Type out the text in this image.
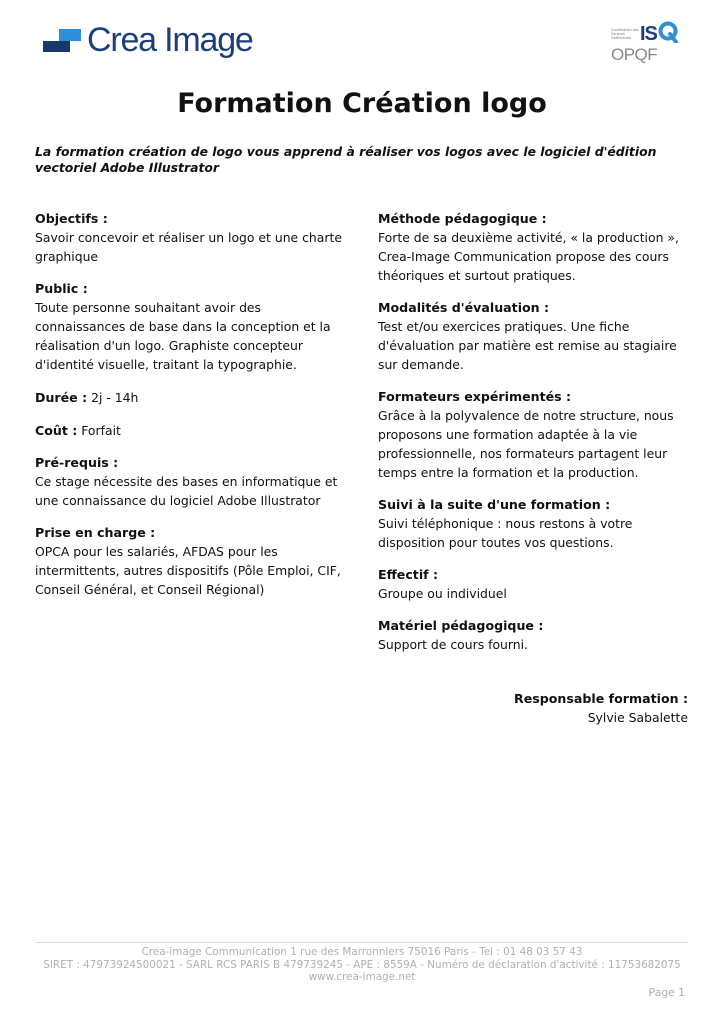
Crea Image	Qualification des Services Intellectuels IS
OPQF
Formation Création logo
La formation création de logo vous apprend à réaliser vos logos avec le logiciel d'édition vectoriel Adobe Illustrator
Objectifs :
Savoir concevoir et réaliser un logo et une charte graphique
Public :
Toute personne souhaitant avoir des connaissances de base dans la conception et la réalisation d'un logo. Graphiste concepteur d'identité visuelle, traitant la typographie.
Durée : 2j - 14h
Coût : Forfait
Pré-requis :
Ce stage nécessite des bases en informatique et une connaissance du logiciel Adobe Illustrator
Prise en charge :
OPCA pour les salariés, AFDAS pour les intermittents, autres dispositifs (Pôle Emploi, CIF, Conseil Général, et Conseil Régional)
Méthode pédagogique :
Forte de sa deuxième activité, « la production », Crea-Image Communication propose des cours théoriques et surtout pratiques.
Modalités d'évaluation :
Test et/ou exercices pratiques. Une fiche d'évaluation par matière est remise au stagiaire sur demande.
Formateurs expérimentés :
Grâce à la polyvalence de notre structure, nous proposons une formation adaptée à la vie professionnelle, nos formateurs partagent leur temps entre la formation et la production.
Suivi à la suite d'une formation :
Suivi téléphonique : nous restons à votre disposition pour toutes vos questions.
Effectif :
Groupe ou individuel
Matériel pédagogique :
Support de cours fourni.
Responsable formation :
Sylvie Sabalette
Crea-image Communication 1 rue des Marronniers 75016 Paris - Tel : 01 48 03 57 43
SIRET : 47973924500021 - SARL RCS PARIS B 479739245 - APE : 8559A - Numéro de déclaration d'activité : 11753682075
www.crea-image.net
Page 1
